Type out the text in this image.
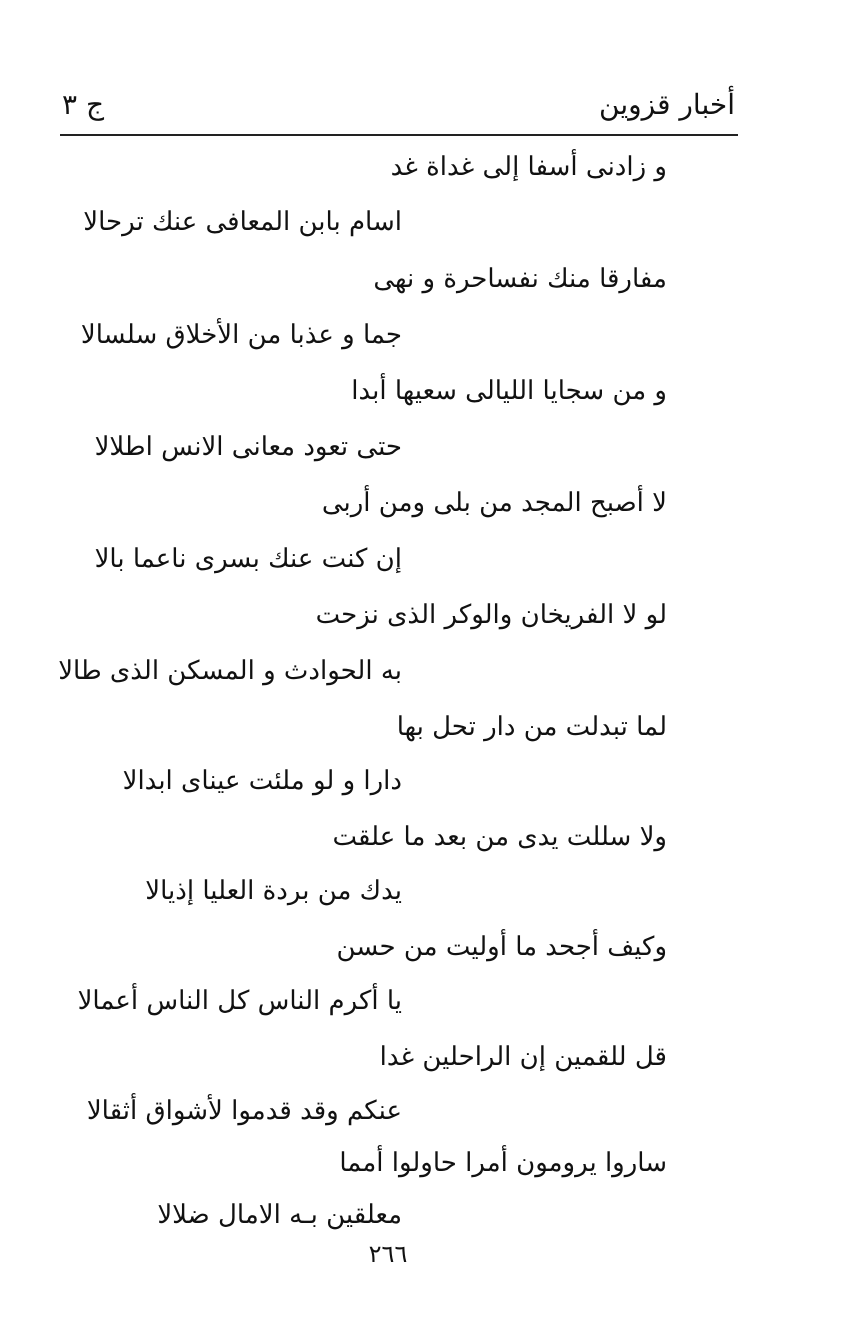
ج ٣	أخبار قزوين
و زادنى أسفا إلى غداة غد
اسام بابن المعافى عنك ترحالا
مفارقا منك نفساحرة و نهى
جما و عذبا من الأخلاق سلسالا
و من سجايا الليالى سعيها أبدا
حتى تعود معانى الانس اطلالا
لا أصبح المجد من بلى ومن أربى
إن كنت عنك بسرى ناعما بالا
لو لا الفريخان والوكر الذى نزحت
به الحوادث و المسكن الذى طالا
لما تبدلت من دار تحل بها
دارا و لو ملئت عيناى ابدالا
ولا سللت يدى من بعد ما علقت
يدك من بردة العليا إذيالا
وكيف أجحد ما أوليت من حسن
يا أكرم الناس كل الناس أعمالا
قل للقمين إن الراحلين غدا
عنكم وقد قدموا لأشواق أثقالا
ساروا يرومون أمرا حاولوا أمما
معلقين بـه الامال ضلالا
٢٦٦
